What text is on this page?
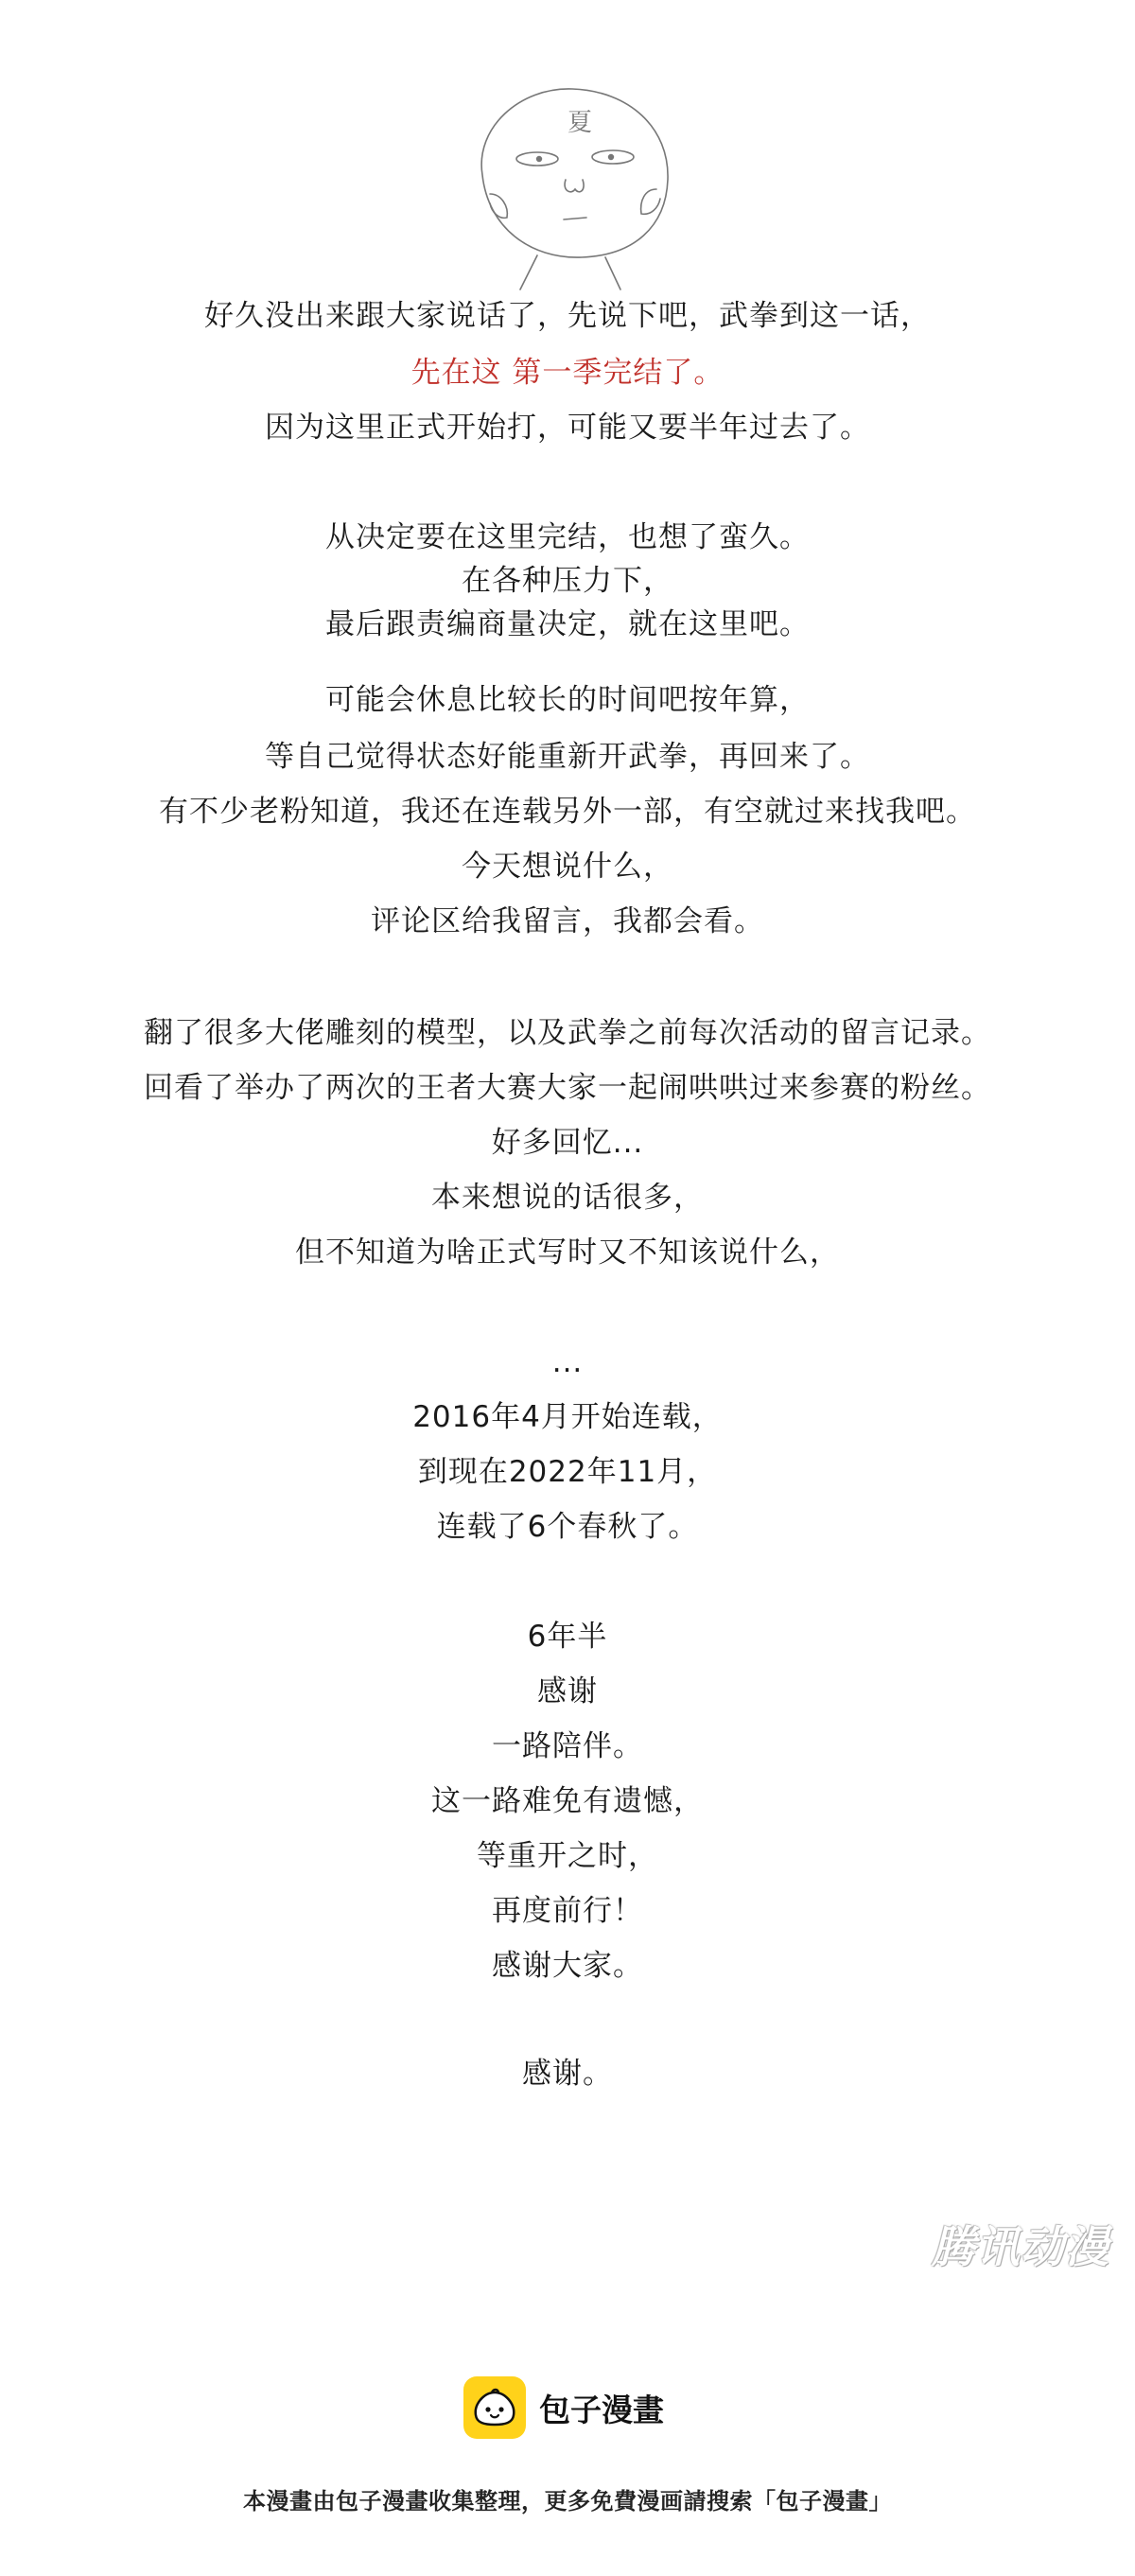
夏
好久没出来跟大家说话了，先说下吧，武拳到这一话，
先在这 第一季完结了。
因为这里正式开始打，可能又要半年过去了。
从决定要在这里完结，也想了蛮久。
在各种压力下，
最后跟责编商量决定，就在这里吧。
可能会休息比较长的时间吧按年算，
等自己觉得状态好能重新开武拳，再回来了。
有不少老粉知道，我还在连载另外一部，有空就过来找我吧。
今天想说什么，
评论区给我留言，我都会看。
翻了很多大佬雕刻的模型，以及武拳之前每次活动的留言记录。
回看了举办了两次的王者大赛大家一起闹哄哄过来参赛的粉丝。
好多回忆...
本来想说的话很多，
但不知道为啥正式写时又不知该说什么，
...
2016年4月开始连载，
到现在2022年11月，
连载了6个春秋了。
6年半
感谢
一路陪伴。
这一路难免有遗憾，
等重开之时，
再度前行！
感谢大家。
感谢。
腾讯动漫
包子漫畫
本漫畫由包子漫畫收集整理，更多免費漫画請搜索「包子漫畫」
